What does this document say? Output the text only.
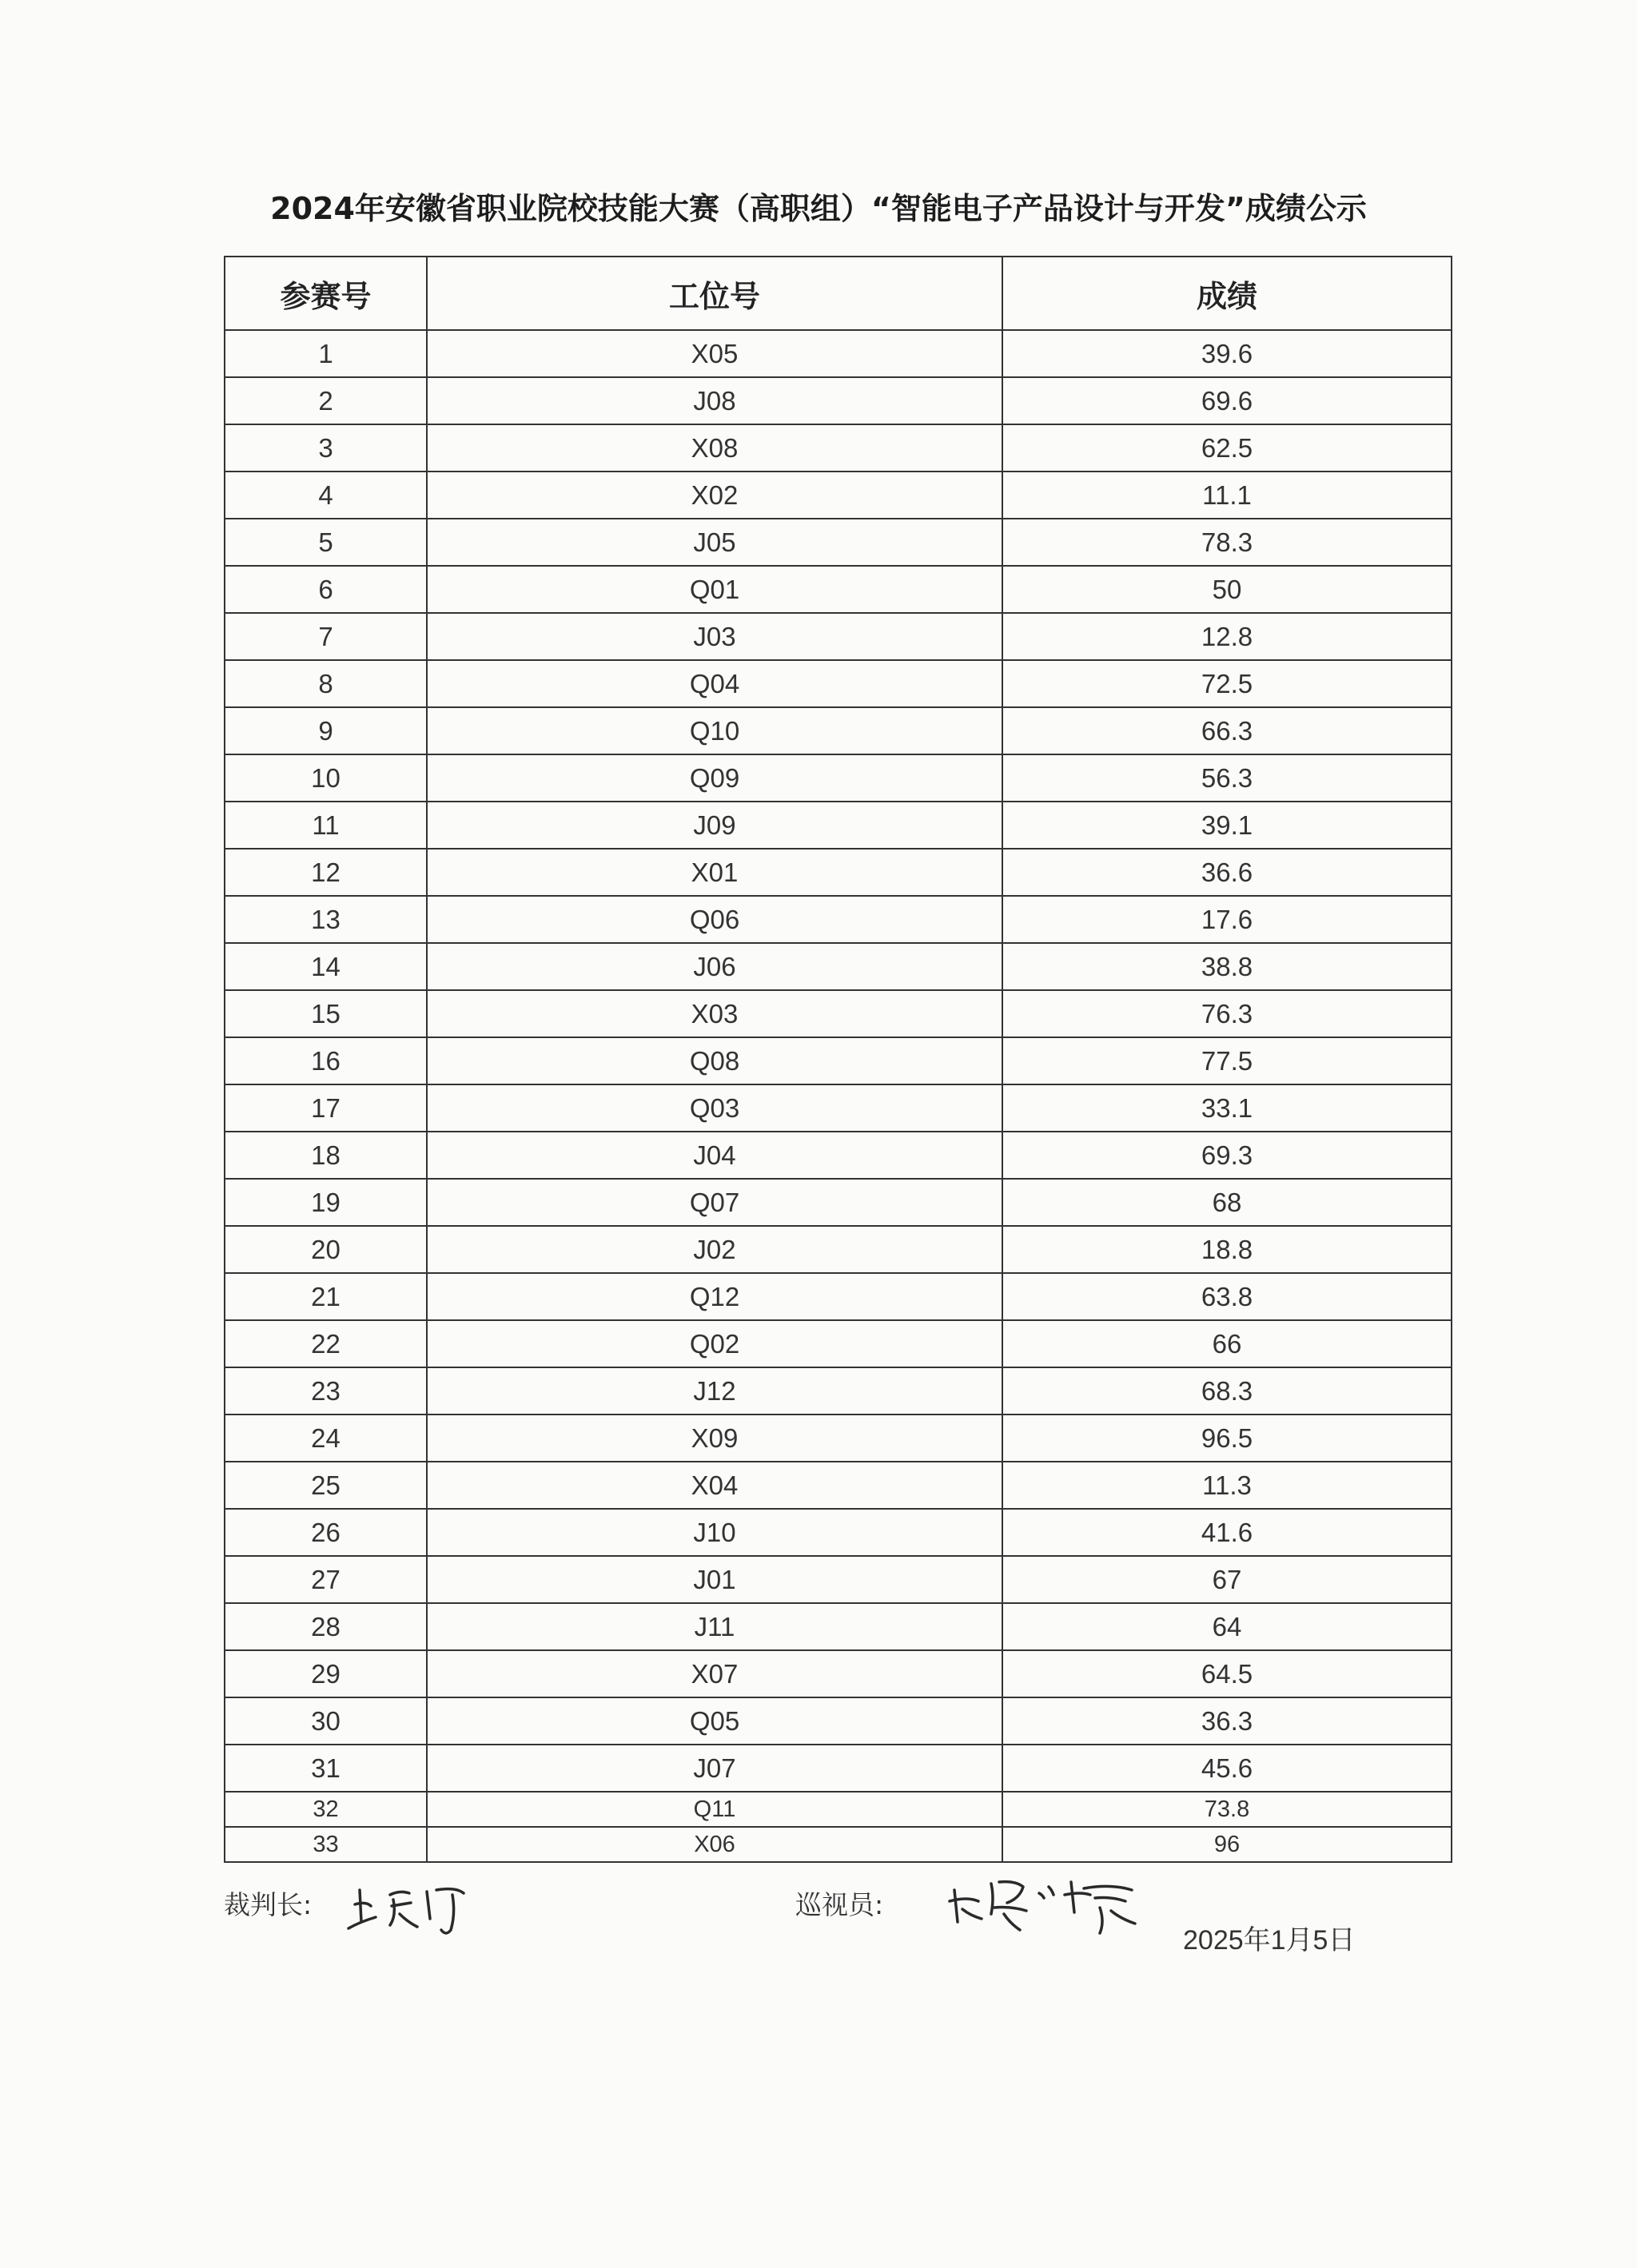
2024年安徽省职业院校技能大赛（高职组）“智能电子产品设计与开发”成绩公示
参赛号	工位号	成绩
1	X05	39.6
2	J08	69.6
3	X08	62.5
4	X02	11.1
5	J05	78.3
6	Q01	50
7	J03	12.8
8	Q04	72.5
9	Q10	66.3
10	Q09	56.3
11	J09	39.1
12	X01	36.6
13	Q06	17.6
14	J06	38.8
15	X03	76.3
16	Q08	77.5
17	Q03	33.1
18	J04	69.3
19	Q07	68
20	J02	18.8
21	Q12	63.8
22	Q02	66
23	J12	68.3
24	X09	96.5
25	X04	11.3
26	J10	41.6
27	J01	67
28	J11	64
29	X07	64.5
30	Q05	36.3
31	J07	45.6
32	Q11	73.8
33	X06	96
裁判长:	巡视员:
2025年1月5日
